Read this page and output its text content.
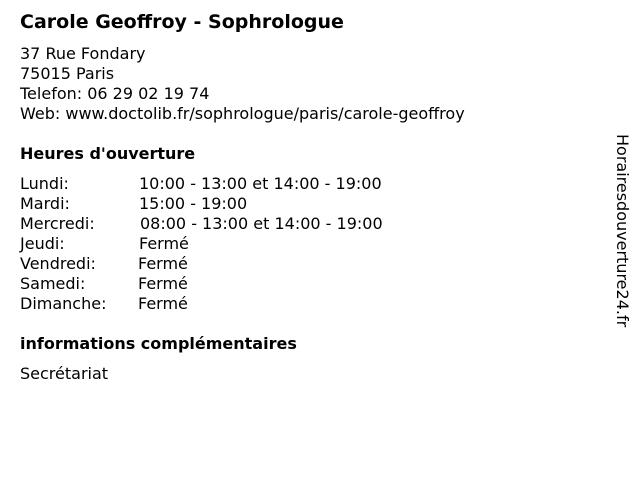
Carole Geoffroy - Sophrologue
37 Rue Fondary
75015 Paris
Telefon: 06 29 02 19 74
Web: www.doctolib.fr/sophrologue/paris/carole-geoffroy
Heures d'ouverture
Lundi:	10:00 - 13:00 et 14:00 - 19:00
Mardi:	15:00 - 19:00
Mercredi:	08:00 - 13:00 et 14:00 - 19:00
Jeudi:	Fermé
Vendredi:	Fermé
Samedi:	Fermé
Dimanche: Fermé
informations complémentaires
Secrétariat
Horairesdouverture24.fr
